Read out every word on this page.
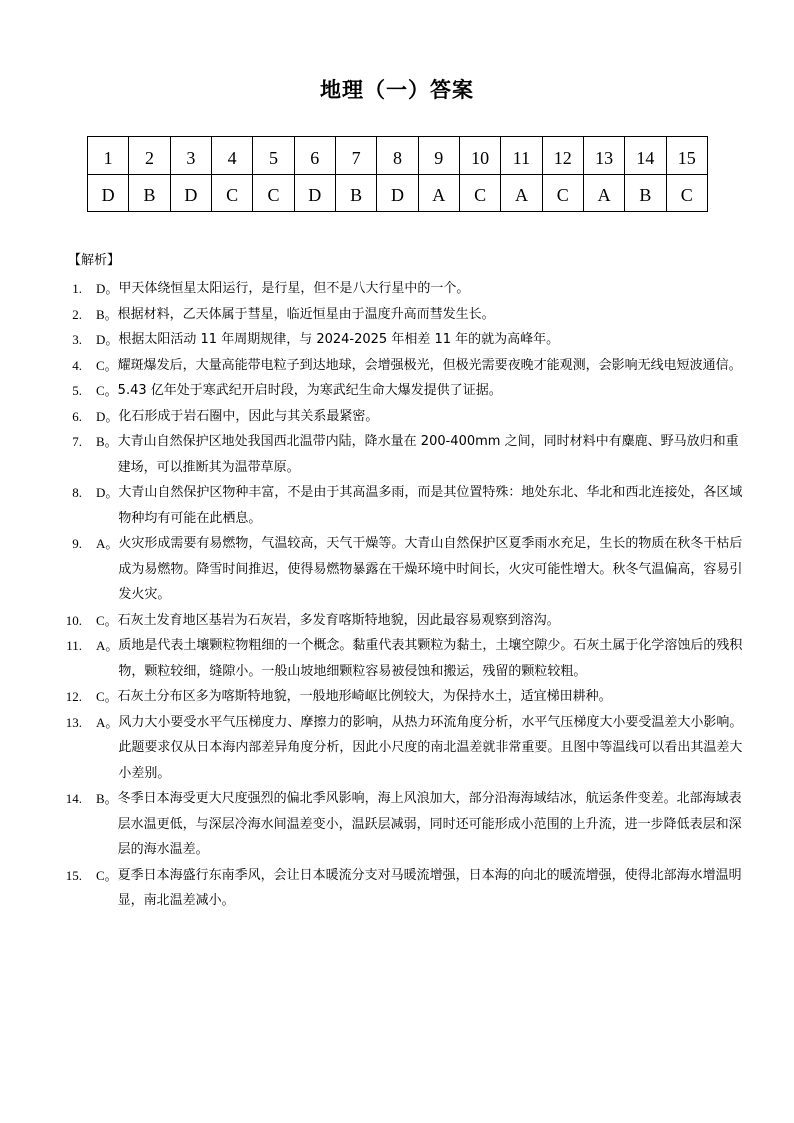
地理（一）答案
1	2	3	4	5	6	7	8	9	10	11	12	13	14	15
D	B	D	C	C	D	B	D	A	C	A	C	A	B	C
【解析】
1. D。 甲天体绕恒星太阳运行，是行星，但不是八大行星中的一个。
2. B。 根据材料，乙天体属于彗星，临近恒星由于温度升高而彗发生长。
3. D。 根据太阳活动 11 年周期规律，与 2024-2025 年相差 11 年的就为高峰年。
4. C。 耀斑爆发后，大量高能带电粒子到达地球，会增强极光，但极光需要夜晚才能观测，会影响无线电短波通信。
5. C。 5.43 亿年处于寒武纪开启时段，为寒武纪生命大爆发提供了证据。
6. D。 化石形成于岩石圈中，因此与其关系最紧密。
7. B。 大青山自然保护区地处我国西北温带内陆，降水量在 200-400mm 之间，同时材料中有麋鹿、野马放归和重建场，可以推断其为温带草原。
8. D。 大青山自然保护区物种丰富，不是由于其高温多雨，而是其位置特殊：地处东北、华北和西北连接处，各区域物种均有可能在此栖息。
9. A。 火灾形成需要有易燃物，气温较高，天气干燥等。大青山自然保护区夏季雨水充足，生长的物质在秋冬干枯后成为易燃物。降雪时间推迟，使得易燃物暴露在干燥环境中时间长，火灾可能性增大。秋冬气温偏高，容易引发火灾。
10. C。 石灰土发育地区基岩为石灰岩，多发育喀斯特地貌，因此最容易观察到溶沟。
11. A。 质地是代表土壤颗粒物粗细的一个概念。黏重代表其颗粒为黏土，土壤空隙少。石灰土属于化学溶蚀后的残积物，颗粒较细，缝隙小。一般山坡地细颗粒容易被侵蚀和搬运，残留的颗粒较粗。
12. C。 石灰土分布区多为喀斯特地貌，一般地形崎岖比例较大，为保持水土，适宜梯田耕种。
13. A。 风力大小要受水平气压梯度力、摩擦力的影响，从热力环流角度分析，水平气压梯度大小要受温差大小影响。此题要求仅从日本海内部差异角度分析，因此小尺度的南北温差就非常重要。且图中等温线可以看出其温差大小差别。
14. B。 冬季日本海受更大尺度强烈的偏北季风影响，海上风浪加大，部分沿海海域结冰，航运条件变差。北部海域表层水温更低，与深层冷海水间温差变小，温跃层减弱，同时还可能形成小范围的上升流，进一步降低表层和深层的海水温差。
15. C。 夏季日本海盛行东南季风，会让日本暖流分支对马暖流增强，日本海的向北的暖流增强，使得北部海水增温明显，南北温差减小。
